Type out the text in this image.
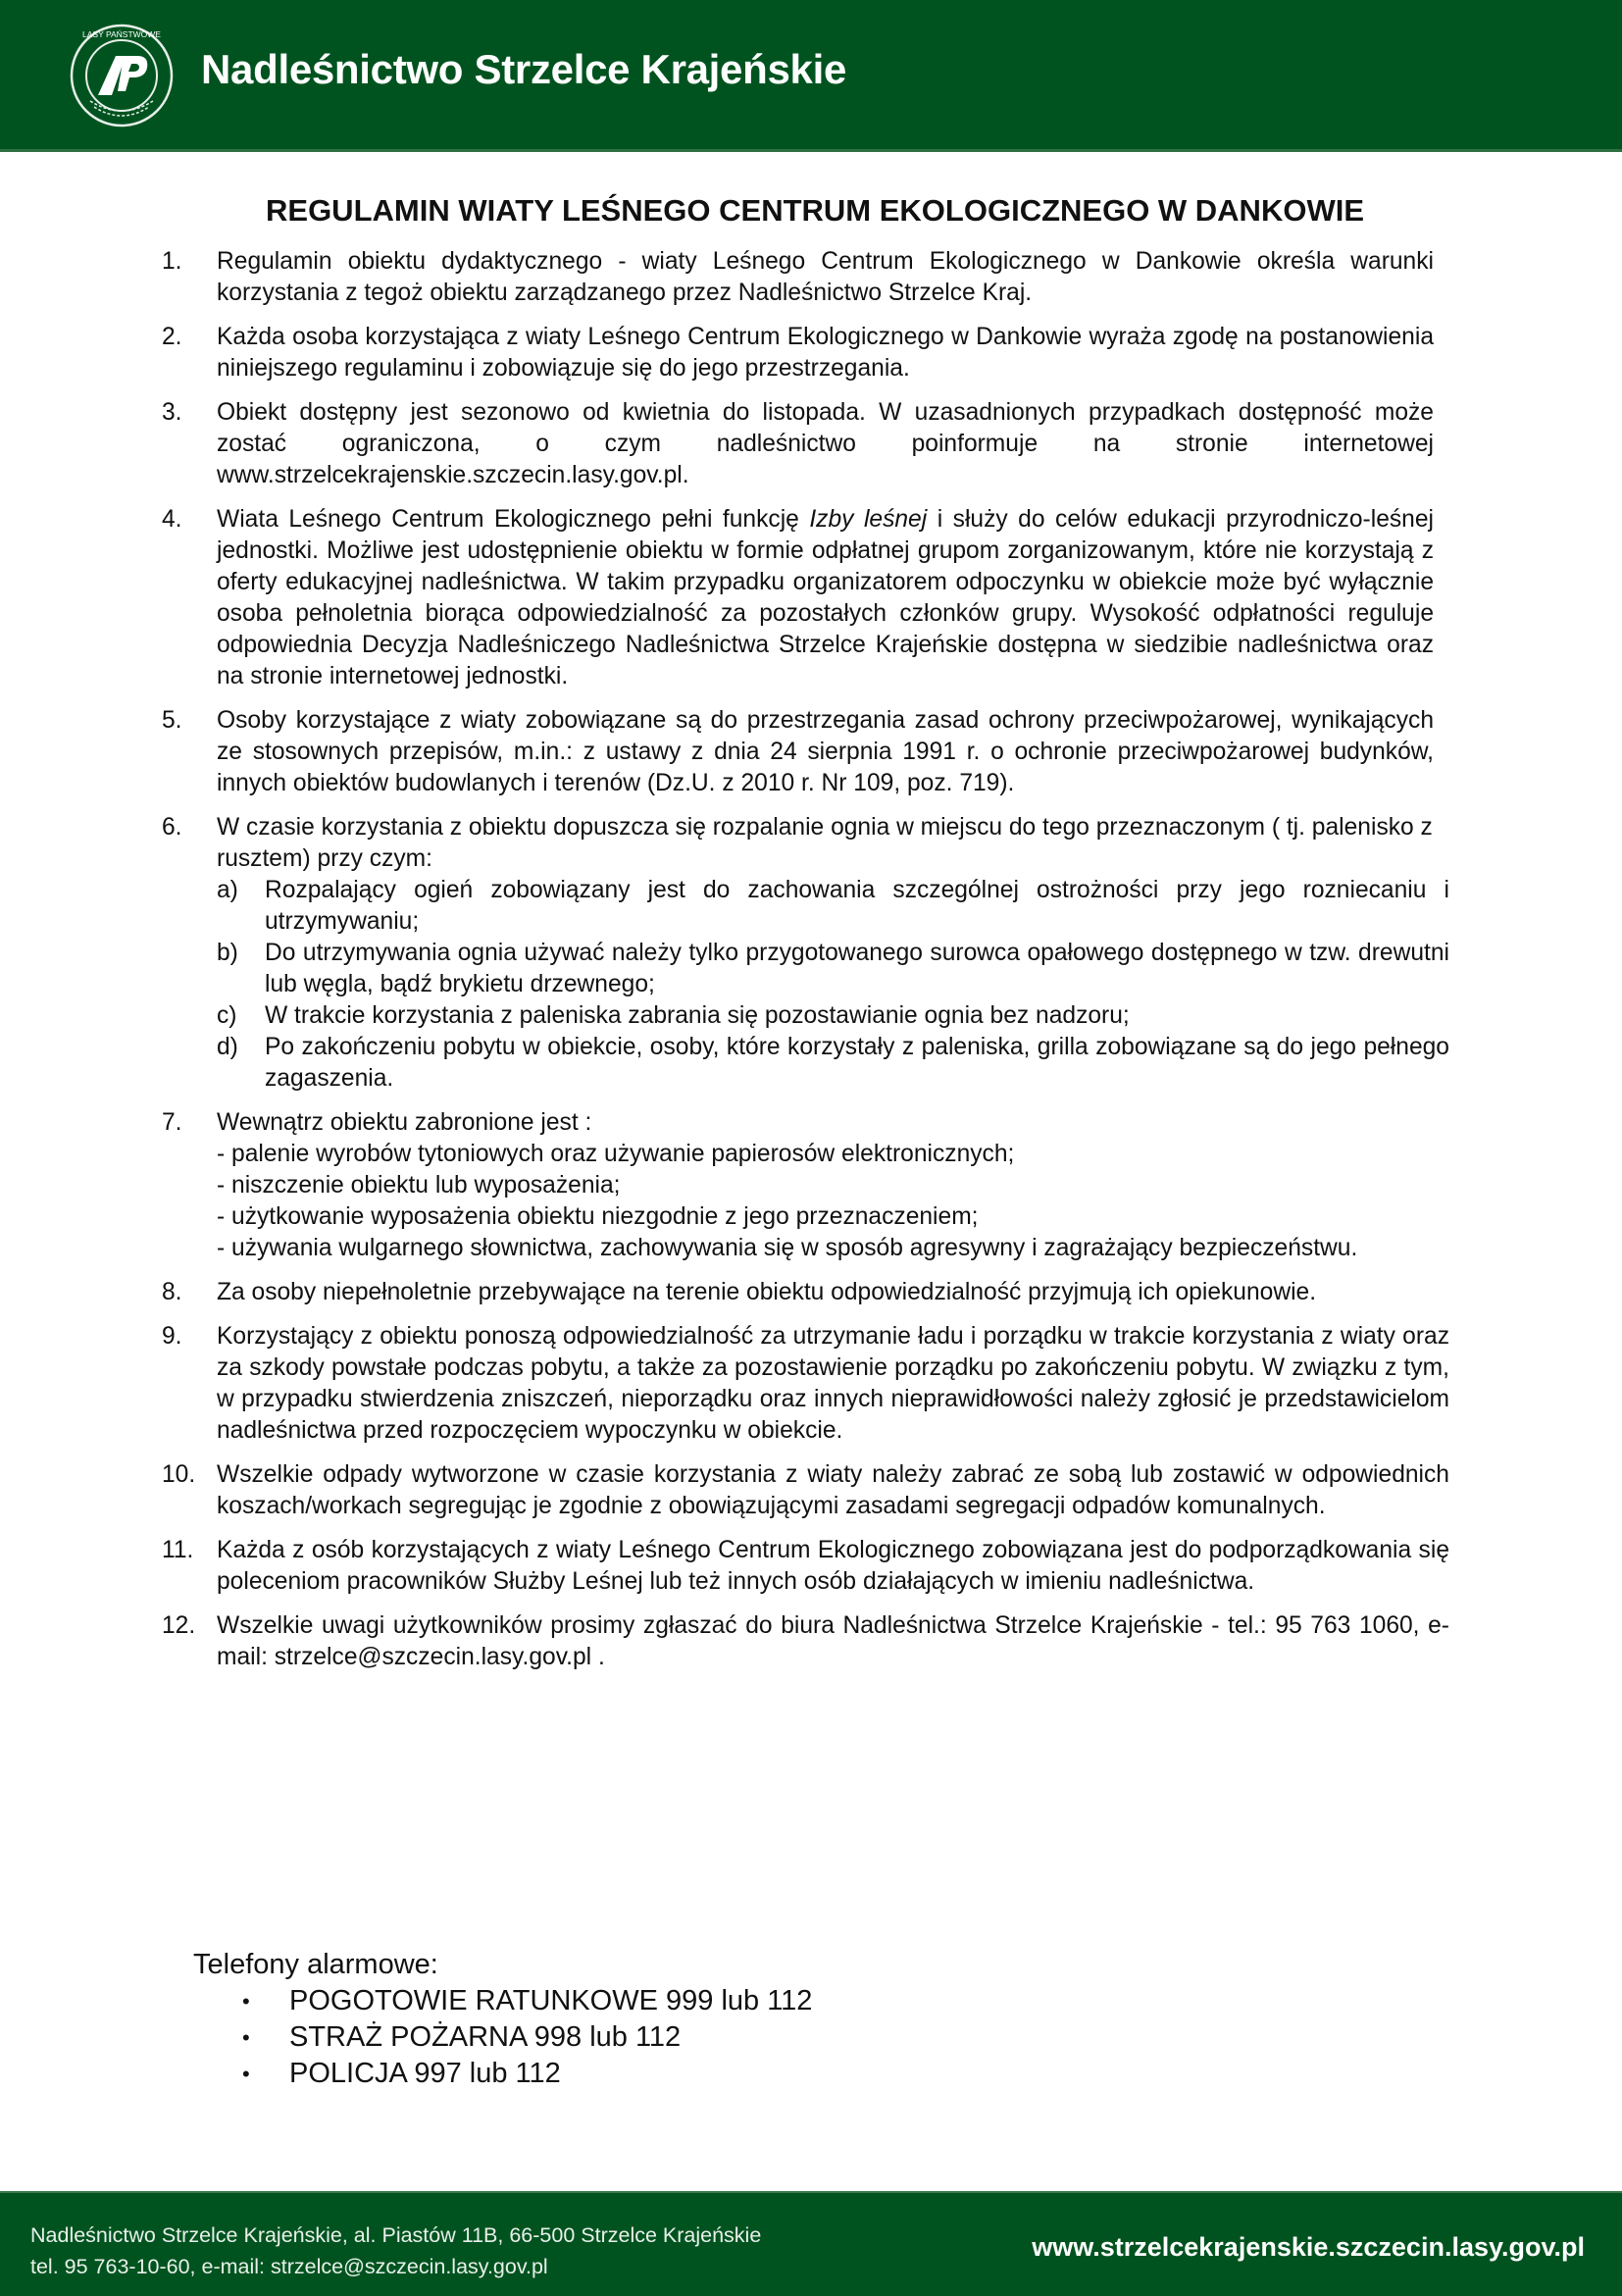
LASY PAŃSTWOWE
Nadleśnictwo Strzelce Krajeńskie
REGULAMIN WIATY LEŚNEGO CENTRUM EKOLOGICZNEGO W DANKOWIE
1.	Regulamin obiektu dydaktycznego - wiaty Leśnego Centrum Ekologicznego w Dankowie określa warunki korzystania z tegoż obiektu zarządzanego przez Nadleśnictwo Strzelce Kraj.
2.	Każda osoba korzystająca z wiaty Leśnego Centrum Ekologicznego w Dankowie wyraża zgodę na postanowienia niniejszego regulaminu i zobowiązuje się do jego przestrzegania.
3.	Obiekt dostępny jest sezonowo od kwietnia do listopada. W uzasadnionych przypadkach dostępność może zostać ograniczona, o czym nadleśnictwo poinformuje na stronie internetowej www.strzelcekrajenskie.szczecin.lasy.gov.pl.
4.	Wiata Leśnego Centrum Ekologicznego pełni funkcję Izby leśnej i służy do celów edukacji przyrodniczo-leśnej jednostki. Możliwe jest udostępnienie obiektu w formie odpłatnej grupom zorganizowanym, które nie korzystają z oferty edukacyjnej nadleśnictwa. W takim przypadku organizatorem odpoczynku w obiekcie może być wyłącznie osoba pełnoletnia biorąca odpowiedzialność za pozostałych członków grupy. Wysokość odpłatności reguluje odpowiednia Decyzja Nadleśniczego Nadleśnictwa Strzelce Krajeńskie dostępna w siedzibie nadleśnictwa oraz na stronie internetowej jednostki.
5.	Osoby korzystające z wiaty zobowiązane są do przestrzegania zasad ochrony przeciwpożarowej, wynikających ze stosownych przepisów, m.in.: z ustawy z dnia 24 sierpnia 1991 r. o ochronie przeciwpożarowej budynków, innych obiektów budowlanych i terenów (Dz.U. z 2010 r. Nr 109, poz. 719).
6.	W czasie korzystania z obiektu dopuszcza się rozpalanie ognia w miejscu do tego przeznaczonym ( tj. palenisko z rusztem) przy czym:
a)	Rozpalający ogień zobowiązany jest do zachowania szczególnej ostrożności przy jego rozniecaniu i utrzymywaniu;
b)	Do utrzymywania ognia używać należy tylko przygotowanego surowca opałowego dostępnego w tzw. drewutni lub węgla, bądź brykietu drzewnego;
c)	W trakcie korzystania z paleniska zabrania się pozostawianie ognia bez nadzoru;
d)	Po zakończeniu pobytu w obiekcie, osoby, które korzystały z paleniska, grilla zobowiązane są do jego pełnego zagaszenia.
7.	Wewnątrz obiektu zabronione jest :
- palenie wyrobów tytoniowych oraz używanie papierosów elektronicznych;
- niszczenie obiektu lub wyposażenia;
- użytkowanie wyposażenia obiektu niezgodnie z jego przeznaczeniem;
- używania wulgarnego słownictwa, zachowywania się w sposób agresywny i zagrażający bezpieczeństwu.
8.	Za osoby niepełnoletnie przebywające na terenie obiektu odpowiedzialność przyjmują ich opiekunowie.
9.	Korzystający z obiektu ponoszą odpowiedzialność za utrzymanie ładu i porządku w trakcie korzystania z wiaty oraz za szkody powstałe podczas pobytu, a także za pozostawienie porządku po zakończeniu pobytu. W związku z tym, w przypadku stwierdzenia zniszczeń, nieporządku oraz innych nieprawidłowości należy zgłosić je przedstawicielom nadleśnictwa przed rozpoczęciem wypoczynku w obiekcie.
10. Wszelkie odpady wytworzone w czasie korzystania z wiaty należy zabrać ze sobą lub zostawić w odpowiednich koszach/workach segregując je zgodnie z obowiązującymi zasadami segregacji odpadów komunalnych.
11. Każda z osób korzystających z wiaty Leśnego Centrum Ekologicznego zobowiązana jest do podporządkowania się poleceniom pracowników Służby Leśnej lub też innych osób działających w imieniu nadleśnictwa.
12. Wszelkie uwagi użytkowników prosimy zgłaszać do biura Nadleśnictwa Strzelce Krajeńskie - tel.: 95 763 1060, e-mail: strzelce@szczecin.lasy.gov.pl .
Telefony alarmowe:
•	POGOTOWIE RATUNKOWE 999 lub 112
•	STRAŻ POŻARNA 998 lub 112
•	POLICJA 997 lub 112
Nadleśnictwo Strzelce Krajeńskie, al. Piastów 11B, 66-500 Strzelce Krajeńskie
tel. 95 763-10-60, e-mail: strzelce@szczecin.lasy.gov.pl
www.strzelcekrajenskie.szczecin.lasy.gov.pl
